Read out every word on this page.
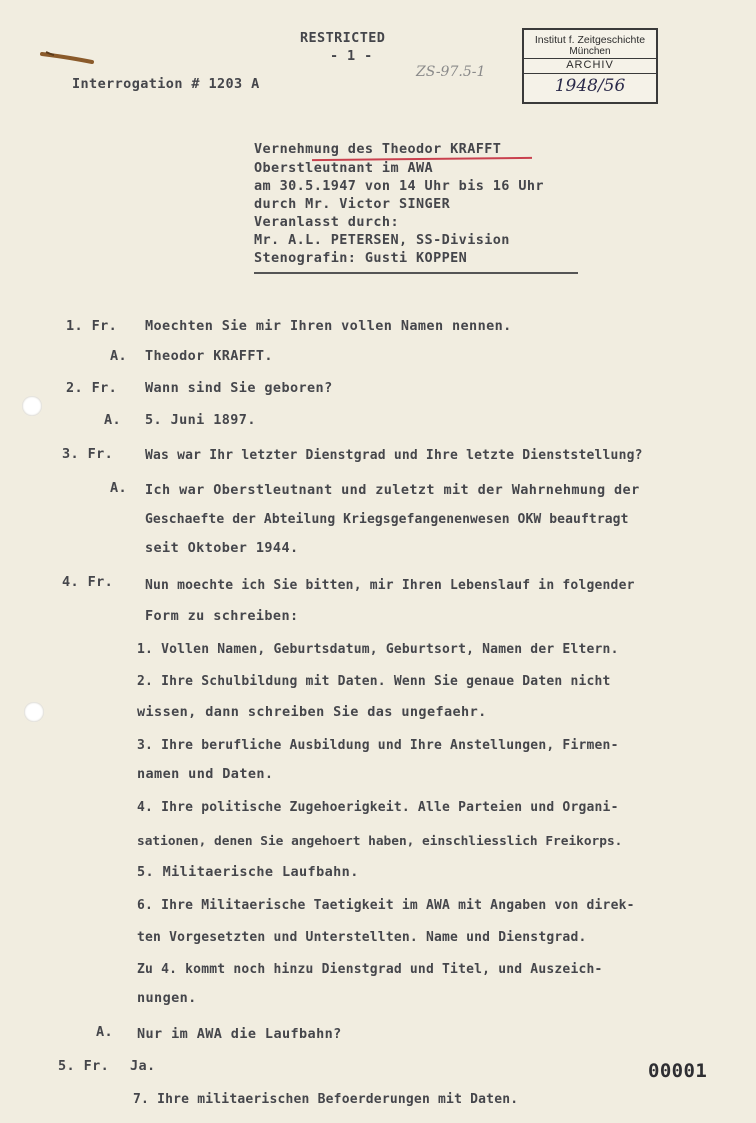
RESTRICTED
- 1 -
Interrogation # 1203 A
ZS-97.5-1
Institut f. Zeitgeschichte
München
ARCHIV
1948/56
Vernehmung des Theodor KRAFFT
Oberstleutnant im AWA
am 30.5.1947 von 14 Uhr bis 16 Uhr
durch Mr. Victor SINGER
Veranlasst durch:
Mr. A.L. PETERSEN, SS-Division
Stenografin: Gusti KOPPEN
1. Fr. Moechten Sie mir Ihren vollen Namen nennen.
A. Theodor KRAFFT.
2. Fr. Wann sind Sie geboren?
A. 5. Juni 1897.
3. Fr. Was war Ihr letzter Dienstgrad und Ihre letzte Dienststellung?
A. Ich war Oberstleutnant und zuletzt mit der Wahrnehmung der
Geschaefte der Abteilung Kriegsgefangenenwesen OKW beauftragt
seit Oktober 1944.
4. Fr. Nun moechte ich Sie bitten, mir Ihren Lebenslauf in folgender
Form zu schreiben:
1. Vollen Namen, Geburtsdatum, Geburtsort, Namen der Eltern.
2. Ihre Schulbildung mit Daten. Wenn Sie genaue Daten nicht
wissen, dann schreiben Sie das ungefaehr.
3. Ihre berufliche Ausbildung und Ihre Anstellungen, Firmen-
namen und Daten.
4. Ihre politische Zugehoerigkeit. Alle Parteien und Organi-
sationen, denen Sie angehoert haben, einschliesslich Freikorps.
5. Militaerische Laufbahn.
6. Ihre Militaerische Taetigkeit im AWA mit Angaben von direk-
ten Vorgesetzten und Unterstellten. Name und Dienstgrad.
Zu 4. kommt noch hinzu Dienstgrad und Titel, und Auszeich-
nungen.
A. Nur im AWA die Laufbahn?
5. Fr. Ja.	00001
7. Ihre militaerischen Befoerderungen mit Daten.
